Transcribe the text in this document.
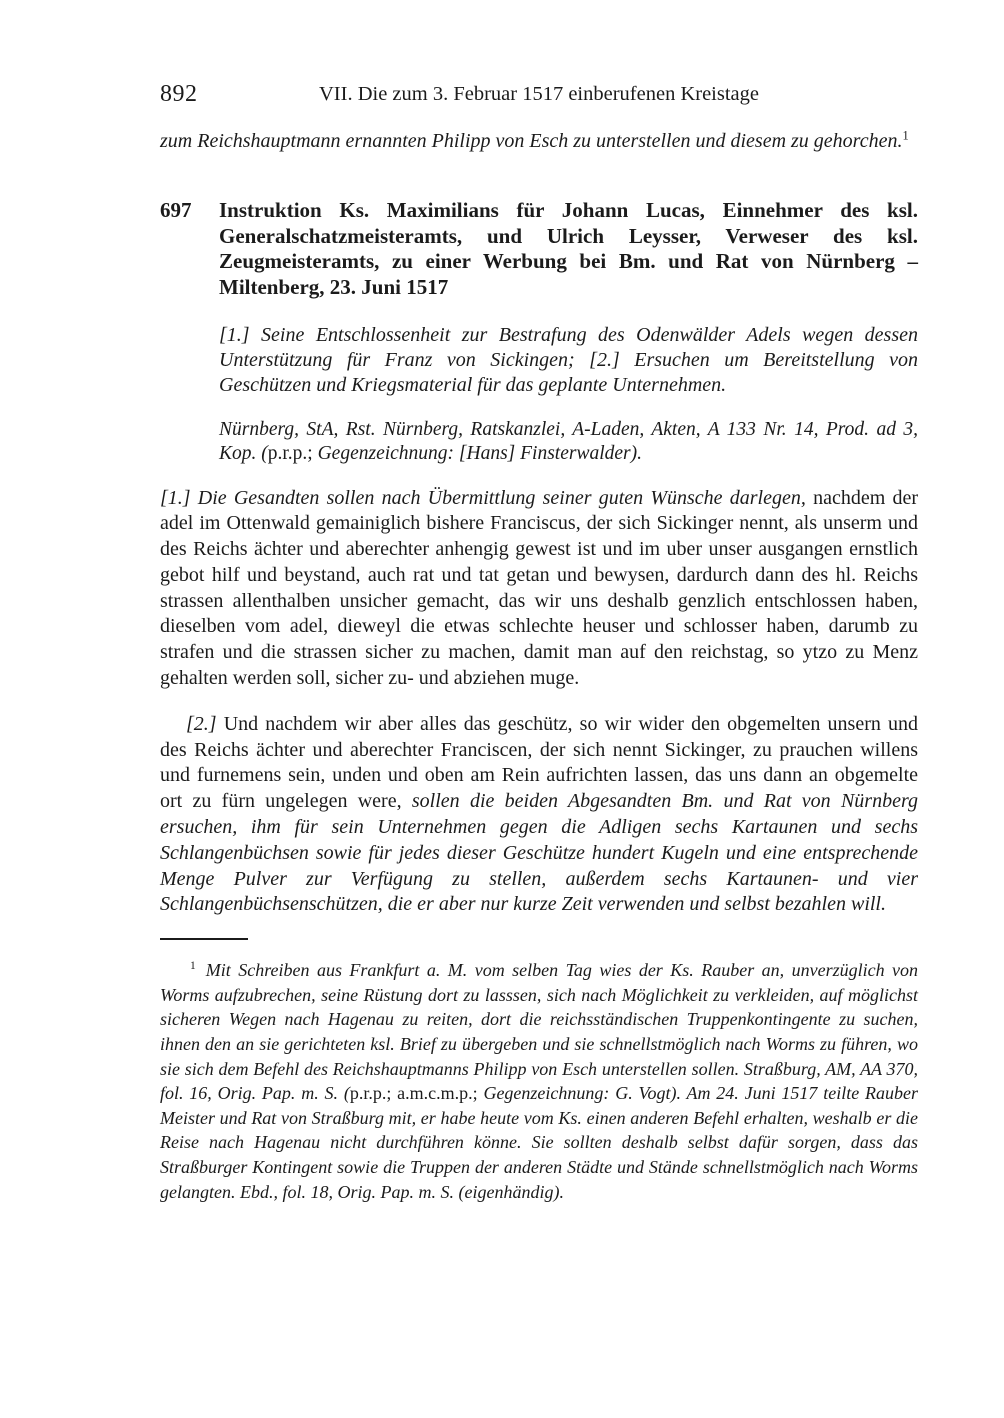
892	VII. Die zum 3. Februar 1517 einberufenen Kreistage

zum Reichshauptmann ernannten Philipp von Esch zu unterstellen und diesem zu gehorchen.$^1$

697 Instruktion Ks. Maximilians für Johann Lucas, Einnehmer des ksl. Generalschatzmeisteramts, und Ulrich Leysser, Verweser des ksl. Zeugmeisteramts, zu einer Werbung bei Bm. und Rat von Nürnberg – Miltenberg, 23. Juni 1517

[1.] Seine Entschlossenheit zur Bestrafung des Odenwälder Adels wegen dessen Unterstützung für Franz von Sickingen; [2.] Ersuchen um Bereitstellung von Geschützen und Kriegsmaterial für das geplante Unternehmen.

Nürnberg, StA, Rst. Nürnberg, Ratskanzlei, A-Laden, Akten, A 133 Nr. 14, Prod. ad 3, Kop. (p.r.p.; Gegenzeichnung: [Hans] Finsterwalder).

[1.] Die Gesandten sollen nach Übermittlung seiner guten Wünsche darlegen, nachdem der adel im Ottenwald gemainiglich bishere Franciscus, der sich Sickinger nennt, als unserm und des Reichs ächter und aberechter anhengig gewest ist und im uber unser ausgangen ernstlich gebot hilf und beystand, auch rat und tat getan und bewysen, dardurch dann des hl. Reichs strassen allenthalben unsicher gemacht, das wir uns deshalb genzlich entschlossen haben, dieselben vom adel, dieweyl die etwas schlechte heuser und schlosser haben, darumb zu strafen und die strassen sicher zu machen, damit man auf den reichstag, so ytzo zu Menz gehalten werden soll, sicher zu- und abziehen muge.

[2.] Und nachdem wir aber alles das geschütz, so wir wider den obgemelten unsern und des Reichs ächter und aberechter Franciscen, der sich nennt Sickinger, zu prauchen willens und furnemens sein, unden und oben am Rein aufrichten lassen, das uns dann an obgemelte ort zu fürn ungelegen were, sollen die beiden Abgesandten Bm. und Rat von Nürnberg ersuchen, ihm für sein Unternehmen gegen die Adligen sechs Kartaunen und sechs Schlangenbüchsen sowie für jedes dieser Geschütze hundert Kugeln und eine entsprechende Menge Pulver zur Verfügung zu stellen, außerdem sechs Kartaunen- und vier Schlangenbüchsenschützen, die er aber nur kurze Zeit verwenden und selbst bezahlen will.

$^1$ Mit Schreiben aus Frankfurt a. M. vom selben Tag wies der Ks. Rauber an, unverzüglich von Worms aufzubrechen, seine Rüstung dort zu lasssen, sich nach Möglichkeit zu verkleiden, auf möglichst sicheren Wegen nach Hagenau zu reiten, dort die reichsständischen Truppenkontingente zu suchen, ihnen den an sie gerichteten ksl. Brief zu übergeben und sie schnellstmöglich nach Worms zu führen, wo sie sich dem Befehl des Reichshauptmanns Philipp von Esch unterstellen sollen. Straßburg, AM, AA 370, fol. 16, Orig. Pap. m. S. (p.r.p.; a.m.c.m.p.; Gegenzeichnung: G. Vogt). Am 24. Juni 1517 teilte Rauber Meister und Rat von Straßburg mit, er habe heute vom Ks. einen anderen Befehl erhalten, weshalb er die Reise nach Hagenau nicht durchführen könne. Sie sollten deshalb selbst dafür sorgen, dass das Straßburger Kontingent sowie die Truppen der anderen Städte und Stände schnellstmöglich nach Worms gelangten. Ebd., fol. 18, Orig. Pap. m. S. (eigenhändig).
